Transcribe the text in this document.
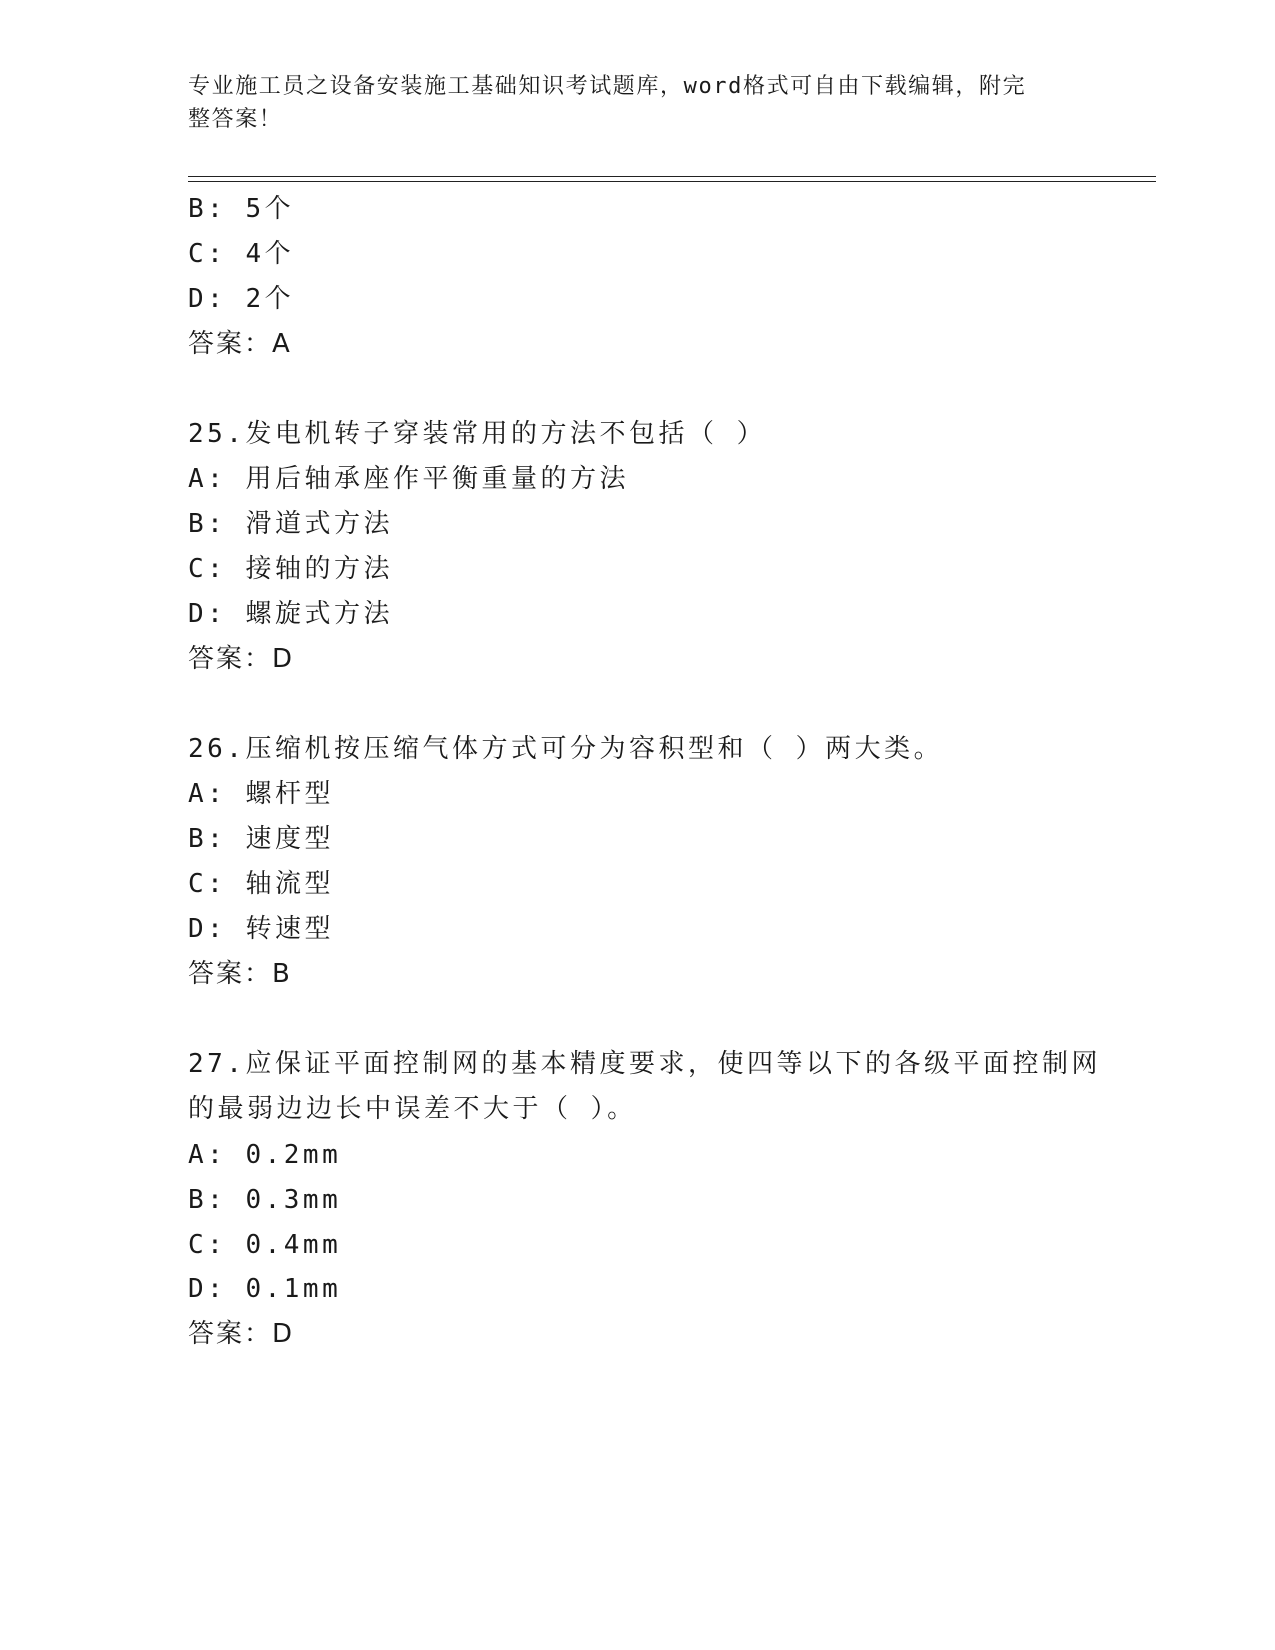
专业施工员之设备安装施工基础知识考试题库，word格式可自由下载编辑，附完
整答案！
B: 5个
C: 4个
D: 2个
答案：A
25.发电机转子穿装常用的方法不包括（ ）
A: 用后轴承座作平衡重量的方法
B: 滑道式方法
C: 接轴的方法
D: 螺旋式方法
答案：D
26.压缩机按压缩气体方式可分为容积型和（ ）两大类。
A: 螺杆型
B: 速度型
C: 轴流型
D: 转速型
答案：B
27.应保证平面控制网的基本精度要求，使四等以下的各级平面控制网
的最弱边边长中误差不大于（ ）。
A: 0.2mm
B: 0.3mm
C: 0.4mm
D: 0.1mm
答案：D
